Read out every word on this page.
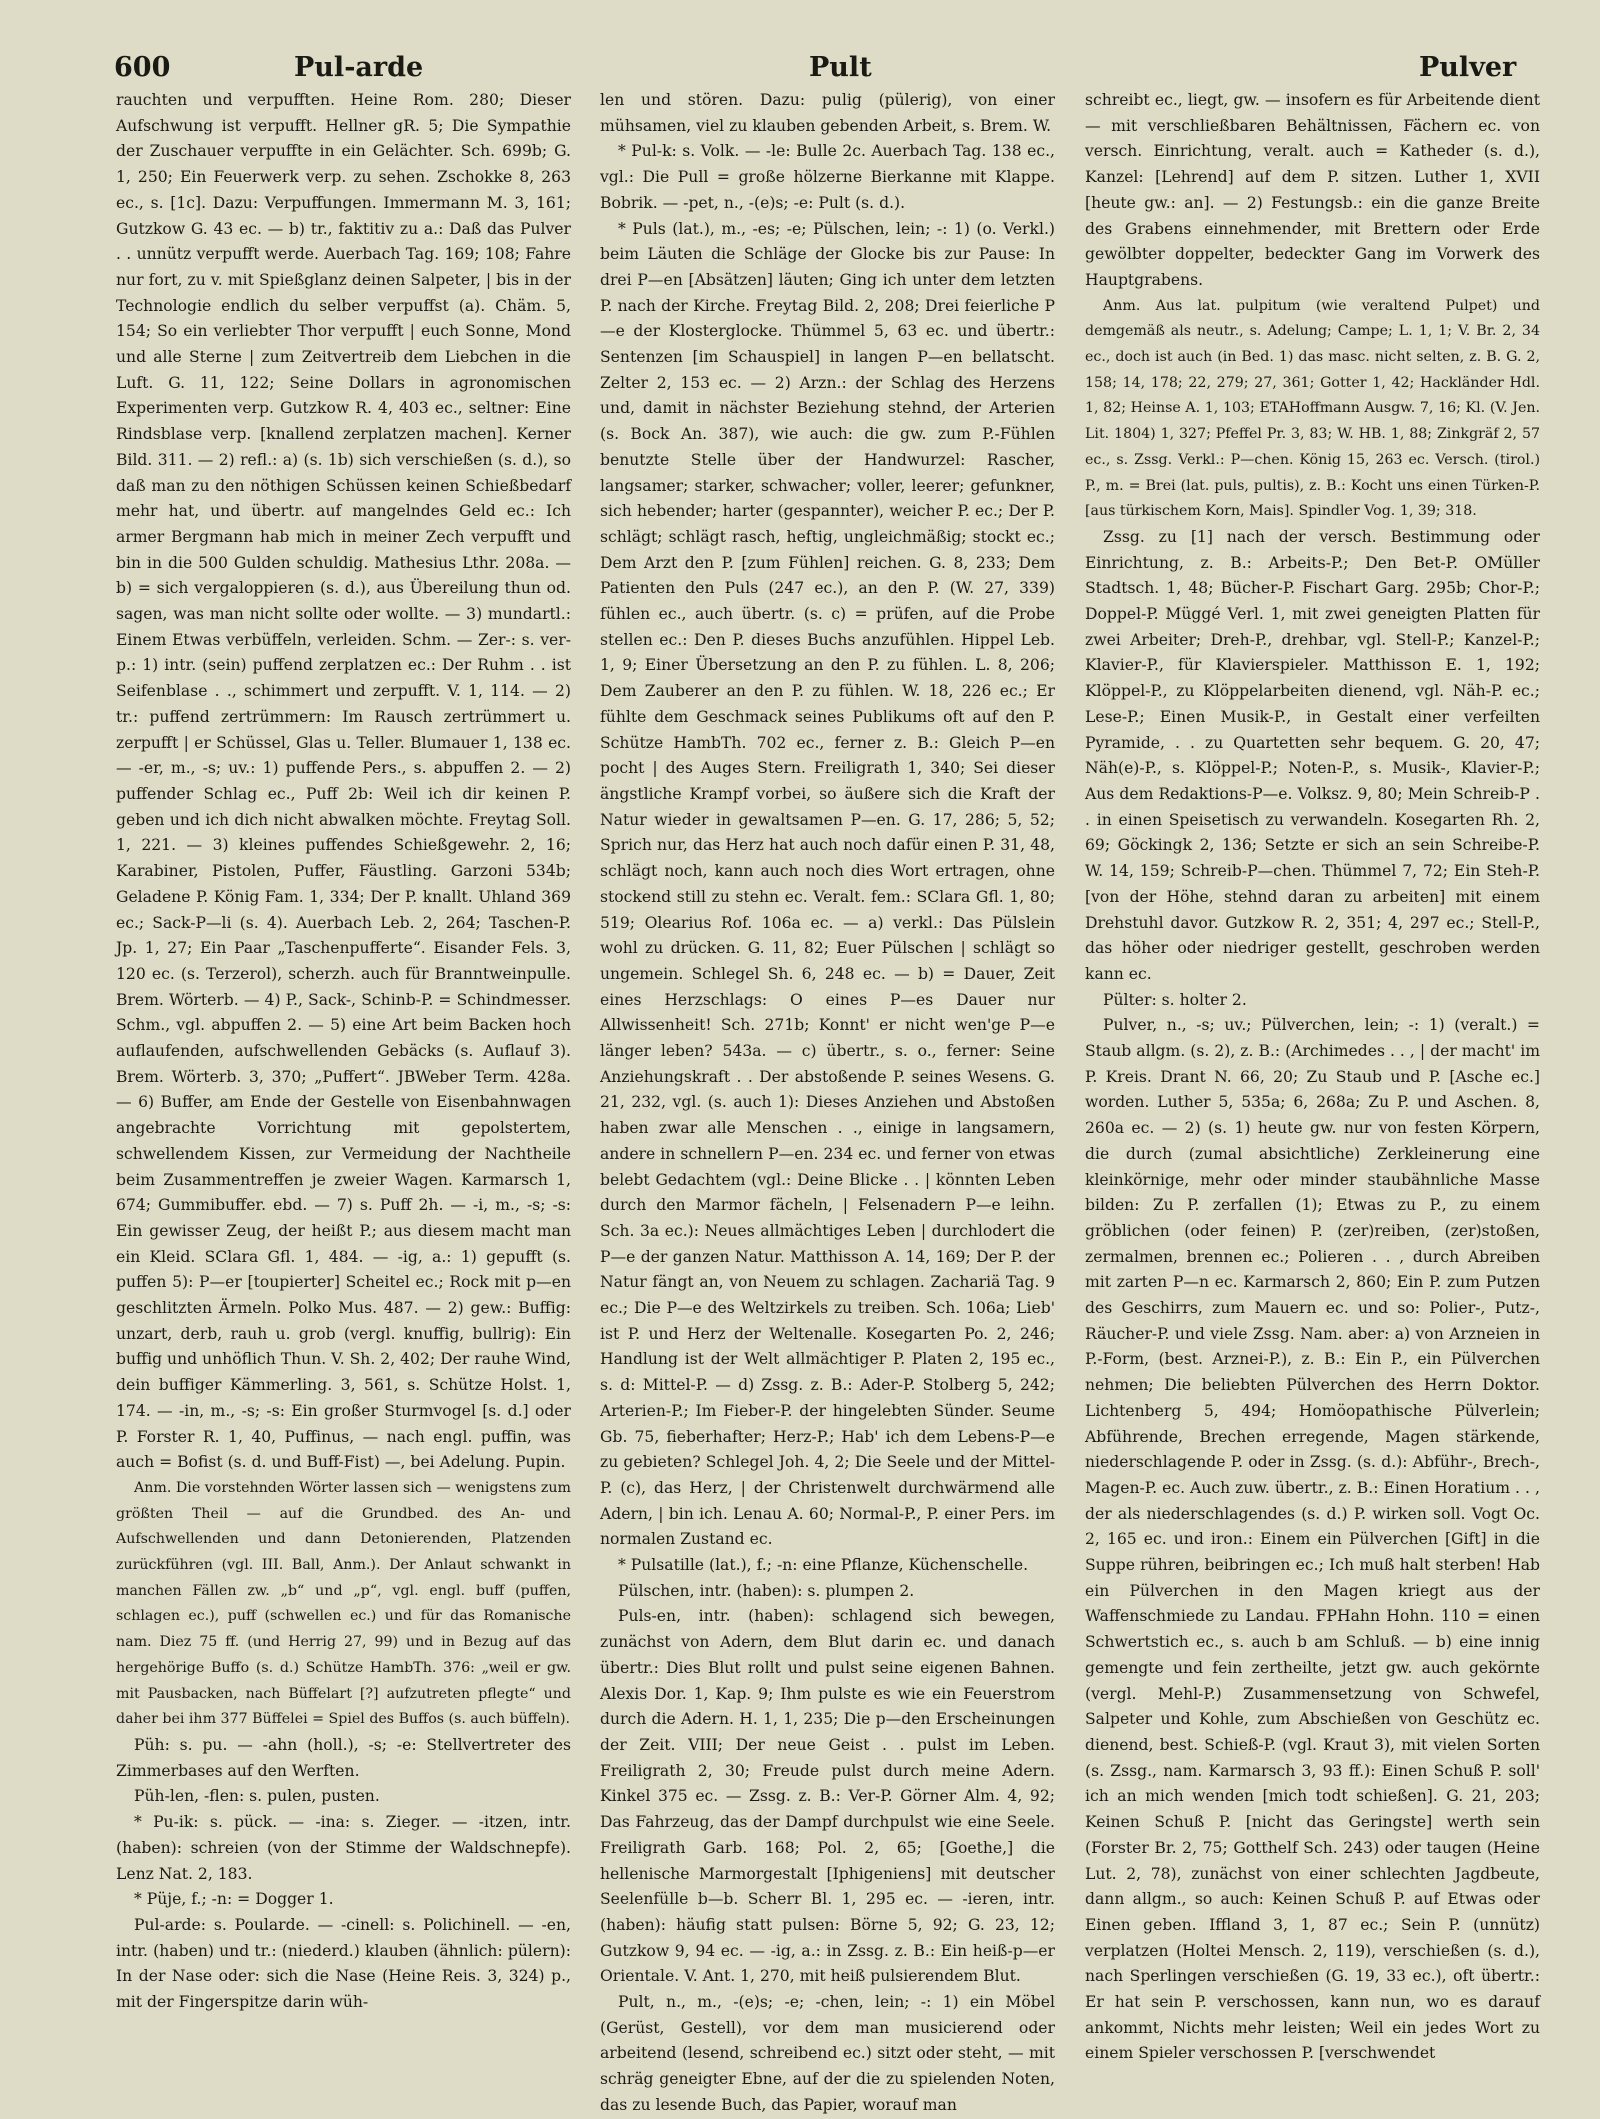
600	Pul-arde	Pult	Pulver

rauchten und verpufften. Heine Rom. 280; Dieser Aufschwung ist verpufft. Hellner gR. 5; Die Sympathie der Zuschauer verpuffte in ein Gelächter. Sch. 699b; G. 1, 250; Ein Feuerwerk verp. zu sehen. Zschokke 8, 263 ec., s. [1c]. Dazu: Verpuffungen. Immermann M. 3, 161; Gutzkow G. 43 ec. — b) tr., faktitiv zu a.: Daß das Pulver . . unnütz verpufft werde. Auerbach Tag. 169; 108; Fahre nur fort, zu v. mit Spießglanz deinen Salpeter, | bis in der Technologie endlich du selber verpuffst (a). Chäm. 5, 154; So ein verliebter Thor verpufft | euch Sonne, Mond und alle Sterne | zum Zeitvertreib dem Liebchen in die Luft. G. 11, 122; Seine Dollars in agronomischen Experimenten verp. Gutzkow R. 4, 403 ec., seltner: Eine Rindsblase verp. [knallend zerplatzen machen]. Kerner Bild. 311. — 2) refl.: a) (s. 1b) sich verschießen (s. d.), so daß man zu den nöthigen Schüssen keinen Schießbedarf mehr hat, und übertr. auf mangelndes Geld ec.: Ich armer Bergmann hab mich in meiner Zech verpufft und bin in die 500 Gulden schuldig. Mathesius Lthr. 208a. — b) = sich vergaloppieren (s. d.), aus Übereilung thun od. sagen, was man nicht sollte oder wollte. — 3) mundartl.: Einem Etwas verbüffeln, verleiden. Schm. — Zer-: s. ver-p.: 1) intr. (sein) puffend zerplatzen ec.: Der Ruhm . . ist Seifenblase . ., schimmert und zerpufft. V. 1, 114. — 2) tr.: puffend zertrümmern: Im Rausch zertrümmert u. zerpufft | er Schüssel, Glas u. Teller. Blumauer 1, 138 ec. — -er, m., -s; uv.: 1) puffende Pers., s. abpuffen 2. — 2) puffender Schlag ec., Puff 2b: Weil ich dir keinen P. geben und ich dich nicht abwalken möchte. Freytag Soll. 1, 221. — 3) kleines puffendes Schießgewehr. 2, 16; Karabiner, Pistolen, Puffer, Fäustling. Garzoni 534b; Geladene P. König Fam. 1, 334; Der P. knallt. Uhland 369 ec.; Sack-P—li (s. 4). Auerbach Leb. 2, 264; Taschen-P. Jp. 1, 27; Ein Paar „Taschenpufferte“. Eisander Fels. 3, 120 ec. (s. Terzerol), scherzh. auch für Branntweinpulle. Brem. Wörterb. — 4) P., Sack-, Schinb-P. = Schindmesser. Schm., vgl. abpuffen 2. — 5) eine Art beim Backen hoch auflaufenden, aufschwellenden Gebäcks (s. Auflauf 3). Brem. Wörterb. 3, 370; „Puffert“. JBWeber Term. 428a. — 6) Buffer, am Ende der Gestelle von Eisenbahnwagen angebrachte Vorrichtung mit gepolstertem, schwellendem Kissen, zur Vermeidung der Nachtheile beim Zusammentreffen je zweier Wagen. Karmarsch 1, 674; Gummibuffer. ebd. — 7) s. Puff 2h. — -i, m., -s; -s: Ein gewisser Zeug, der heißt P.; aus diesem macht man ein Kleid. SClara Gfl. 1, 484. — -ig, a.: 1) gepufft (s. puffen 5): P—er [toupierter] Scheitel ec.; Rock mit p—en geschlitzten Ärmeln. Polko Mus. 487. — 2) gew.: Buffig: unzart, derb, rauh u. grob (vergl. knuffig, bullrig): Ein buffig und unhöflich Thun. V. Sh. 2, 402; Der rauhe Wind, dein buffiger Kämmerling. 3, 561, s. Schütze Holst. 1, 174. — -in, m., -s; -s: Ein großer Sturmvogel [s. d.] oder P. Forster R. 1, 40, Puffinus, — nach engl. puffin, was auch = Bofist (s. d. und Buff-Fist) —, bei Adelung. Pupin.

Anm. Die vorstehnden Wörter lassen sich — wenigstens zum größten Theil — auf die Grundbed. des An- und Aufschwellenden und dann Detonierenden, Platzenden zurückführen (vgl. III. Ball, Anm.). Der Anlaut schwankt in manchen Fällen zw. „b“ und „p“, vgl. engl. buff (puffen, schlagen ec.), puff (schwellen ec.) und für das Romanische nam. Diez 75 ff. (und Herrig 27, 99) und in Bezug auf das hergehörige Buffo (s. d.) Schütze HambTh. 376: „weil er gw. mit Pausbacken, nach Büffelart [?] aufzutreten pflegte“ und daher bei ihm 377 Büffelei = Spiel des Buffos (s. auch büffeln).

Püh: s. pu. — -ahn (holl.), -s; -e: Stellvertreter des Zimmerbases auf den Werften.

Püh-len, -flen: s. pulen, pusten.

* Pu-ik: s. pück. — -ina: s. Zieger. — -itzen, intr. (haben): schreien (von der Stimme der Waldschnepfe). Lenz Nat. 2, 183.

* Püje, f.; -n: = Dogger 1.

Pul-arde: s. Poularde. — -cinell: s. Polichinell. — -en, intr. (haben) und tr.: (niederd.) klauben (ähnlich: pülern): In der Nase oder: sich die Nase (Heine Reis. 3, 324) p., mit der Fingerspitze darin wüh-

len und stören. Dazu: pulig (pülerig), von einer mühsamen, viel zu klauben gebenden Arbeit, s. Brem. W.

* Pul-k: s. Volk. — -le: Bulle 2c. Auerbach Tag. 138 ec., vgl.: Die Pull = große hölzerne Bierkanne mit Klappe. Bobrik. — -pet, n., -(e)s; -e: Pult (s. d.).

* Puls (lat.), m., -es; -e; Pülschen, lein; -: 1) (o. Verkl.) beim Läuten die Schläge der Glocke bis zur Pause: In drei P—en [Absätzen] läuten; Ging ich unter dem letzten P. nach der Kirche. Freytag Bild. 2, 208; Drei feierliche P—e der Klosterglocke. Thümmel 5, 63 ec. und übertr.: Sentenzen [im Schauspiel] in langen P—en bellatscht. Zelter 2, 153 ec. — 2) Arzn.: der Schlag des Herzens und, damit in nächster Beziehung stehnd, der Arterien (s. Bock An. 387), wie auch: die gw. zum P.-Fühlen benutzte Stelle über der Handwurzel: Rascher, langsamer; starker, schwacher; voller, leerer; gefunkner, sich hebender; harter (gespannter), weicher P. ec.; Der P. schlägt; schlägt rasch, heftig, ungleichmäßig; stockt ec.; Dem Arzt den P. [zum Fühlen] reichen. G. 8, 233; Dem Patienten den Puls (247 ec.), an den P. (W. 27, 339) fühlen ec., auch übertr. (s. c) = prüfen, auf die Probe stellen ec.: Den P. dieses Buchs anzufühlen. Hippel Leb. 1, 9; Einer Übersetzung an den P. zu fühlen. L. 8, 206; Dem Zauberer an den P. zu fühlen. W. 18, 226 ec.; Er fühlte dem Geschmack seines Publikums oft auf den P. Schütze HambTh. 702 ec., ferner z. B.: Gleich P—en pocht | des Auges Stern. Freiligrath 1, 340; Sei dieser ängstliche Krampf vorbei, so äußere sich die Kraft der Natur wieder in gewaltsamen P—en. G. 17, 286; 5, 52; Sprich nur, das Herz hat auch noch dafür einen P. 31, 48, schlägt noch, kann auch noch dies Wort ertragen, ohne stockend still zu stehn ec. Veralt. fem.: SClara Gfl. 1, 80; 519; Olearius Rof. 106a ec. — a) verkl.: Das Pülslein wohl zu drücken. G. 11, 82; Euer Pülschen | schlägt so ungemein. Schlegel Sh. 6, 248 ec. — b) = Dauer, Zeit eines Herzschlags: O eines P—es Dauer nur Allwissenheit! Sch. 271b; Konnt' er nicht wen'ge P—e länger leben? 543a. — c) übertr., s. o., ferner: Seine Anziehungskraft . . Der abstoßende P. seines Wesens. G. 21, 232, vgl. (s. auch 1): Dieses Anziehen und Abstoßen haben zwar alle Menschen . ., einige in langsamern, andere in schnellern P—en. 234 ec. und ferner von etwas belebt Gedachtem (vgl.: Deine Blicke . . | könnten Leben durch den Marmor fächeln, | Felsenadern P—e leihn. Sch. 3a ec.): Neues allmächtiges Leben | durchlodert die P—e der ganzen Natur. Matthisson A. 14, 169; Der P. der Natur fängt an, von Neuem zu schlagen. Zachariä Tag. 9 ec.; Die P—e des Weltzirkels zu treiben. Sch. 106a; Lieb' ist P. und Herz der Weltenalle. Kosegarten Po. 2, 246; Handlung ist der Welt allmächtiger P. Platen 2, 195 ec., s. d: Mittel-P. — d) Zssg. z. B.: Ader-P. Stolberg 5, 242; Arterien-P.; Im Fieber-P. der hingelebten Sünder. Seume Gb. 75, fieberhafter; Herz-P.; Hab' ich dem Lebens-P—e zu gebieten? Schlegel Joh. 4, 2; Die Seele und der Mittel-P. (c), das Herz, | der Christenwelt durchwärmend alle Adern, | bin ich. Lenau A. 60; Normal-P., P. einer Pers. im normalen Zustand ec.

* Pulsatille (lat.), f.; -n: eine Pflanze, Küchenschelle.

Pülschen, intr. (haben): s. plumpen 2.

Puls-en, intr. (haben): schlagend sich bewegen, zunächst von Adern, dem Blut darin ec. und danach übertr.: Dies Blut rollt und pulst seine eigenen Bahnen. Alexis Dor. 1, Kap. 9; Ihm pulste es wie ein Feuerstrom durch die Adern. H. 1, 1, 235; Die p—den Erscheinungen der Zeit. VIII; Der neue Geist . . pulst im Leben. Freiligrath 2, 30; Freude pulst durch meine Adern. Kinkel 375 ec. — Zssg. z. B.: Ver-P. Görner Alm. 4, 92; Das Fahrzeug, das der Dampf durchpulst wie eine Seele. Freiligrath Garb. 168; Pol. 2, 65; [Goethe,] die hellenische Marmorgestalt [Iphigeniens] mit deutscher Seelenfülle b—b. Scherr Bl. 1, 295 ec. — -ieren, intr. (haben): häufig statt pulsen: Börne 5, 92; G. 23, 12; Gutzkow 9, 94 ec. — -ig, a.: in Zssg. z. B.: Ein heiß-p—er Orientale. V. Ant. 1, 270, mit heiß pulsierendem Blut.

Pult, n., m., -(e)s; -e; -chen, lein; -: 1) ein Möbel (Gerüst, Gestell), vor dem man musicierend oder arbeitend (lesend, schreibend ec.) sitzt oder steht, — mit schräg geneigter Ebne, auf der die zu spielenden Noten, das zu lesende Buch, das Papier, worauf man

schreibt ec., liegt, gw. — insofern es für Arbeitende dient — mit verschließbaren Behältnissen, Fächern ec. von versch. Einrichtung, veralt. auch = Katheder (s. d.), Kanzel: [Lehrend] auf dem P. sitzen. Luther 1, XVII [heute gw.: an]. — 2) Festungsb.: ein die ganze Breite des Grabens einnehmender, mit Brettern oder Erde gewölbter doppelter, bedeckter Gang im Vorwerk des Hauptgrabens.

Anm. Aus lat. pulpitum (wie veraltend Pulpet) und demgemäß als neutr., s. Adelung; Campe; L. 1, 1; V. Br. 2, 34 ec., doch ist auch (in Bed. 1) das masc. nicht selten, z. B. G. 2, 158; 14, 178; 22, 279; 27, 361; Gotter 1, 42; Hackländer Hdl. 1, 82; Heinse A. 1, 103; ETAHoffmann Ausgw. 7, 16; Kl. (V. Jen. Lit. 1804) 1, 327; Pfeffel Pr. 3, 83; W. HB. 1, 88; Zinkgräf 2, 57 ec., s. Zssg. Verkl.: P—chen. König 15, 263 ec. Versch. (tirol.) P., m. = Brei (lat. puls, pultis), z. B.: Kocht uns einen Türken-P. [aus türkischem Korn, Mais]. Spindler Vog. 1, 39; 318.

Zssg. zu [1] nach der versch. Bestimmung oder Einrichtung, z. B.: Arbeits-P.; Den Bet-P. OMüller Stadtsch. 1, 48; Bücher-P. Fischart Garg. 295b; Chor-P.; Doppel-P. Müggé Verl. 1, mit zwei geneigten Platten für zwei Arbeiter; Dreh-P., drehbar, vgl. Stell-P.; Kanzel-P.; Klavier-P., für Klavierspieler. Matthisson E. 1, 192; Klöppel-P., zu Klöppelarbeiten dienend, vgl. Näh-P. ec.; Lese-P.; Einen Musik-P., in Gestalt einer verfeilten Pyramide, . . zu Quartetten sehr bequem. G. 20, 47; Näh(e)-P., s. Klöppel-P.; Noten-P., s. Musik-, Klavier-P.; Aus dem Redaktions-P—e. Volksz. 9, 80; Mein Schreib-P . . in einen Speisetisch zu verwandeln. Kosegarten Rh. 2, 69; Göckingk 2, 136; Setzte er sich an sein Schreibe-P. W. 14, 159; Schreib-P—chen. Thümmel 7, 72; Ein Steh-P. [von der Höhe, stehnd daran zu arbeiten] mit einem Drehstuhl davor. Gutzkow R. 2, 351; 4, 297 ec.; Stell-P., das höher oder niedriger gestellt, geschroben werden kann ec.

Pülter: s. holter 2.

Pulver, n., -s; uv.; Pülverchen, lein; -: 1) (veralt.) = Staub allgm. (s. 2), z. B.: (Archimedes . . , | der macht' im P. Kreis. Drant N. 66, 20; Zu Staub und P. [Asche ec.] worden. Luther 5, 535a; 6, 268a; Zu P. und Aschen. 8, 260a ec. — 2) (s. 1) heute gw. nur von festen Körpern, die durch (zumal absichtliche) Zerkleinerung eine kleinkörnige, mehr oder minder staubähnliche Masse bilden: Zu P. zerfallen (1); Etwas zu P., zu einem gröblichen (oder feinen) P. (zer)reiben, (zer)stoßen, zermalmen, brennen ec.; Polieren . . , durch Abreiben mit zarten P—n ec. Karmarsch 2, 860; Ein P. zum Putzen des Geschirrs, zum Mauern ec. und so: Polier-, Putz-, Räucher-P. und viele Zssg. Nam. aber: a) von Arzneien in P.-Form, (best. Arznei-P.), z. B.: Ein P., ein Pülverchen nehmen; Die beliebten Pülverchen des Herrn Doktor. Lichtenberg 5, 494; Homöopathische Pülverlein; Abführende, Brechen erregende, Magen stärkende, niederschlagende P. oder in Zssg. (s. d.): Abführ-, Brech-, Magen-P. ec. Auch zuw. übertr., z. B.: Einen Horatium . . , der als niederschlagendes (s. d.) P. wirken soll. Vogt Oc. 2, 165 ec. und iron.: Einem ein Pülverchen [Gift] in die Suppe rühren, beibringen ec.; Ich muß halt sterben! Hab ein Pülverchen in den Magen kriegt aus der Waffenschmiede zu Landau. FPHahn Hohn. 110 = einen Schwertstich ec., s. auch b am Schluß. — b) eine innig gemengte und fein zertheilte, jetzt gw. auch gekörnte (vergl. Mehl-P.) Zusammensetzung von Schwefel, Salpeter und Kohle, zum Abschießen von Geschütz ec. dienend, best. Schieß-P. (vgl. Kraut 3), mit vielen Sorten (s. Zssg., nam. Karmarsch 3, 93 ff.): Einen Schuß P. soll' ich an mich wenden [mich todt schießen]. G. 21, 203; Keinen Schuß P. [nicht das Geringste] werth sein (Forster Br. 2, 75; Gotthelf Sch. 243) oder taugen (Heine Lut. 2, 78), zunächst von einer schlechten Jagdbeute, dann allgm., so auch: Keinen Schuß P. auf Etwas oder Einen geben. Iffland 3, 1, 87 ec.; Sein P. (unnütz) verplatzen (Holtei Mensch. 2, 119), verschießen (s. d.), nach Sperlingen verschießen (G. 19, 33 ec.), oft übertr.: Er hat sein P. verschossen, kann nun, wo es darauf ankommt, Nichts mehr leisten; Weil ein jedes Wort zu einem Spieler verschossen P. [verschwendet
